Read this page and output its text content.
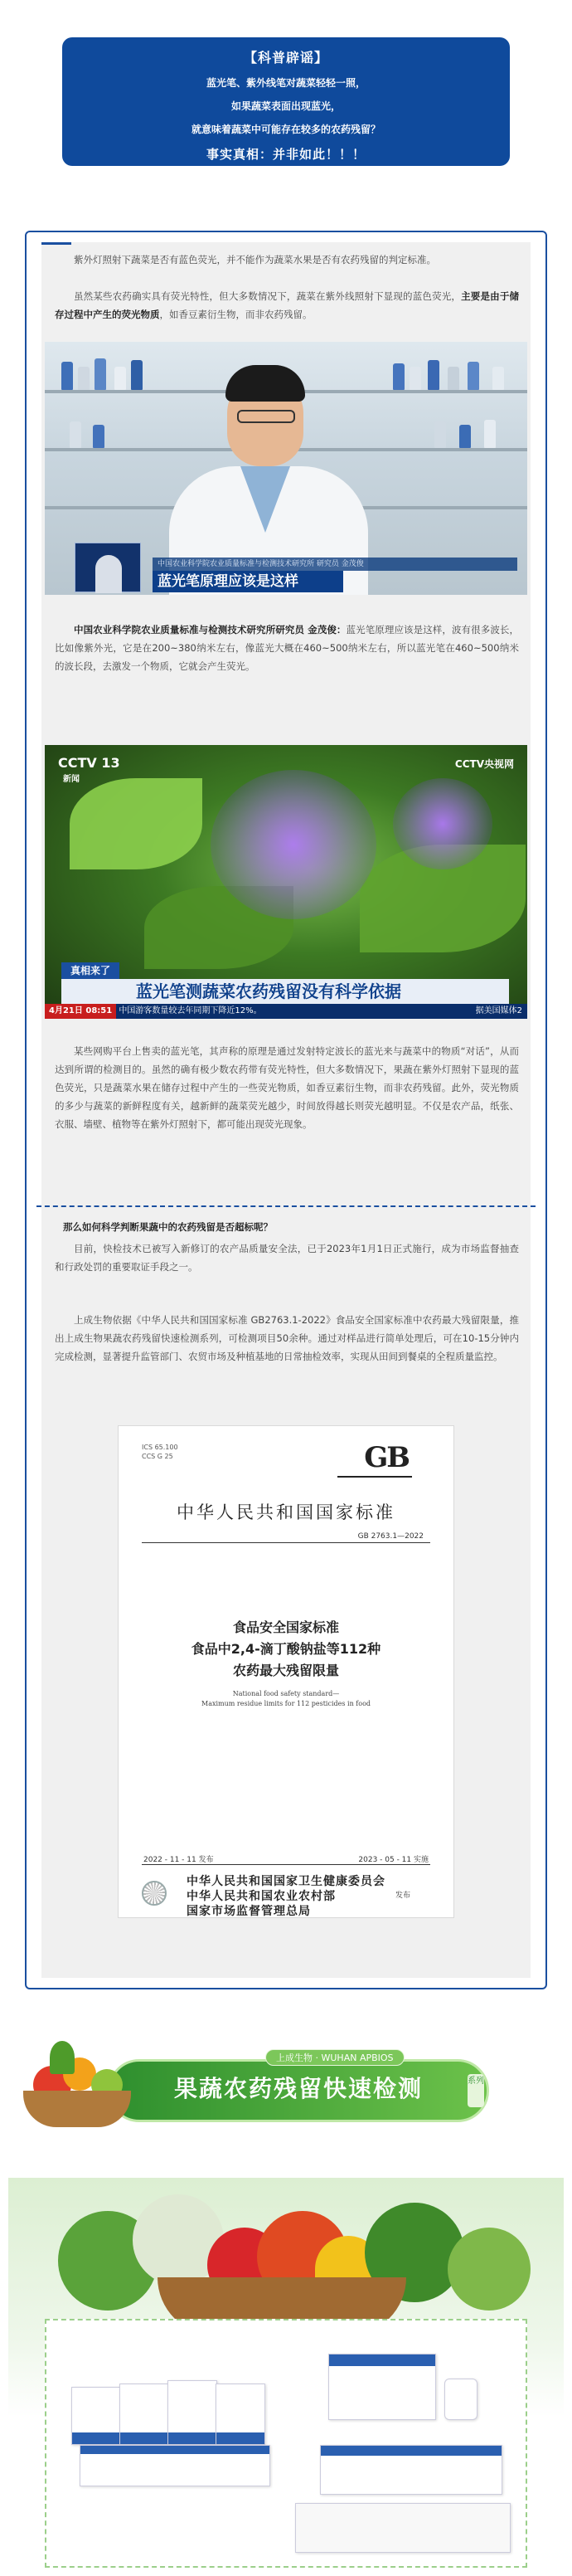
【科普辟谣】
蓝光笔、紫外线笔对蔬菜轻轻一照，
如果蔬菜表面出现蓝光，
就意味着蔬菜中可能存在较多的农药残留？
事实真相：并非如此！！！
紫外灯照射下蔬菜是否有蓝色荧光，并不能作为蔬菜水果是否有农药残留的判定标准。
虽然某些农药确实具有荧光特性，但大多数情况下，蔬菜在紫外线照射下显现的蓝色荧光，主要是由于储存过程中产生的荧光物质，如香豆素衍生物，而非农药残留。
中国农业科学院农业质量标准与检测技术研究所 研究员 金茂俊
蓝光笔原理应该是这样
中国农业科学院农业质量标准与检测技术研究所研究员 金茂俊：蓝光笔原理应该是这样，波有很多波长，比如像紫外光，它是在200~380纳米左右，像蓝光大概在460~500纳米左右，所以蓝光笔在460~500纳米的波长段，去激发一个物质，它就会产生荧光。
CCTV 13
新闻
CCTV央视网
真相来了
蓝光笔测蔬菜农药残留没有科学依据
4月21日 08:51 中国游客数量较去年同期下降近12%。	据美国媒体2
某些网购平台上售卖的蓝光笔，其声称的原理是通过发射特定波长的蓝光来与蔬菜中的物质“对话”，从而达到所谓的检测目的。虽然的确有极少数农药带有荧光特性，但大多数情况下，果蔬在紫外灯照射下显现的蓝色荧光，只是蔬菜水果在储存过程中产生的一些荧光物质，如香豆素衍生物，而非农药残留。此外，荧光物质的多少与蔬菜的新鲜程度有关，越新鲜的蔬菜荧光越少，时间放得越长则荧光越明显。不仅是农产品，纸张、衣服、墙壁、植物等在紫外灯照射下，都可能出现荧光现象。
那么如何科学判断果蔬中的农药残留是否超标呢？
目前，快检技术已被写入新修订的农产品质量安全法，已于2023年1月1日正式施行，成为市场监督抽查和行政处罚的重要取证手段之一。
上成生物依据《中华人民共和国国家标准 GB2763.1-2022》食品安全国家标准中农药最大残留限量，推出上成生物果蔬农药残留快速检测系列，可检测项目50余种。通过对样品进行简单处理后，可在10-15分钟内完成检测，显著提升监管部门、农贸市场及种植基地的日常抽检效率，实现从田间到餐桌的全程质量监控。
ICS 65.100
CCS G 25	GB
中华人民共和国国家标准
GB 2763.1—2022
食品安全国家标准
食品中2,4-滴丁酸钠盐等112种
农药最大残留限量
National food safety standard—
Maximum residue limits for 112 pesticides in food
2022 - 11 - 11 发布	2023 - 05 - 11 实施
中华人民共和国国家卫生健康委员会
中华人民共和国农业农村部
国家市场监督管理总局
发布
上成生物 · WUHAN APBIOS
果蔬农药残留快速检测	系列
